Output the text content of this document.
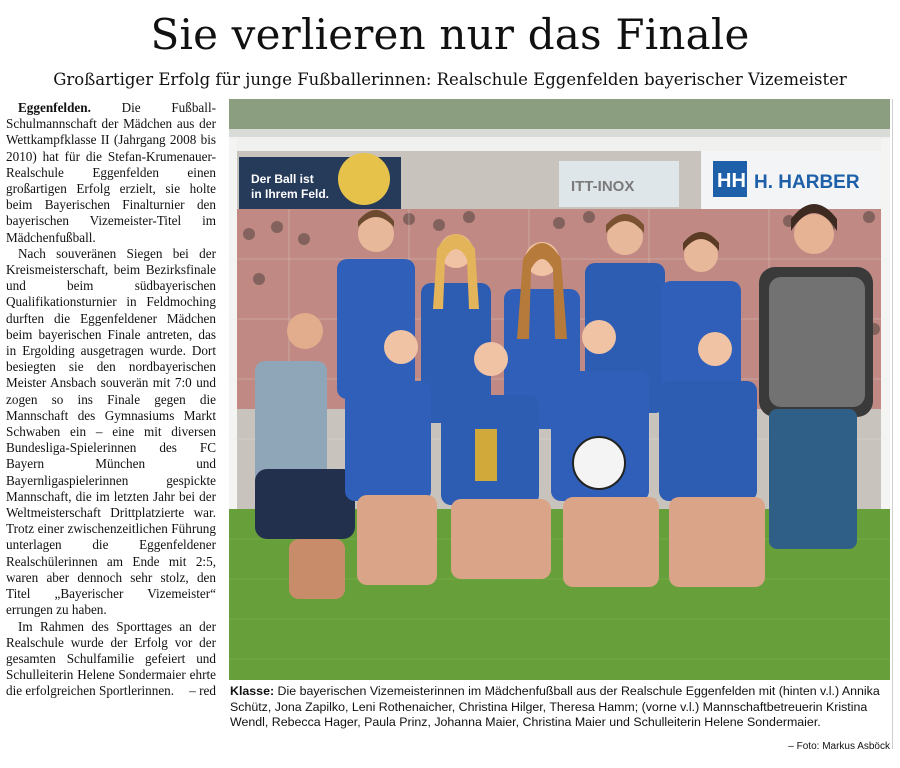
Sie verlieren nur das Finale
Großartiger Erfolg für junge Fußballerinnen: Realschule Eggenfelden bayerischer Vizemeister

Eggenfelden. Die Fußball-Schulmannschaft der Mädchen aus der Wettkampfklasse II (Jahrgang 2008 bis 2010) hat für die Stefan-Krumenauer-Realschule Eggenfelden einen großartigen Erfolg erzielt, sie holte beim Bayerischen Finalturnier den bayerischen Vizemeister-Titel im Mädchenfußball.

Nach souveränen Siegen bei der Kreismeisterschaft, beim Bezirksfinale und beim südbayerischen Qualifikationsturnier in Feldmoching durften die Eggenfeldener Mädchen beim bayerischen Finale antreten, das in Ergolding ausgetragen wurde. Dort besiegten sie den nordbayerischen Meister Ansbach souverän mit 7:0 und zogen so ins Finale gegen die Mannschaft des Gymnasiums Markt Schwaben ein – eine mit diversen Bundesliga-Spielerinnen des FC Bayern München und Bayernligaspielerinnen gespickte Mannschaft, die im letzten Jahr bei der Weltmeisterschaft Drittplatzierte war. Trotz einer zwischenzeitlichen Führung unterlagen die Eggenfeldener Realschülerinnen am Ende mit 2:5, waren aber dennoch sehr stolz, den Titel „Bayerischer Vizemeister“ errungen zu haben.

Im Rahmen des Sporttages an der Realschule wurde der Erfolg vor der gesamten Schulfamilie gefeiert und Schulleiterin Helene Sondermaier ehrte die erfolgreichen Sportlerinnen.	– red

Der Ball ist
in Ihrem Feld.	ITT-INOX	HH H. HARBER
Klasse: Die bayerischen Vizemeisterinnen im Mädchenfußball aus der Realschule Eggenfelden mit (hinten v.l.) Annika Schütz, Jona Zapilko, Leni Rothenaicher, Christina Hilger, Theresa Hamm; (vorne v.l.) Mannschaftbetreuerin Kristina Wendl, Rebecca Hager, Paula Prinz, Johanna Maier, Christina Maier und Schulleiterin Helene Sondermaier.
– Foto: Markus Asböck
